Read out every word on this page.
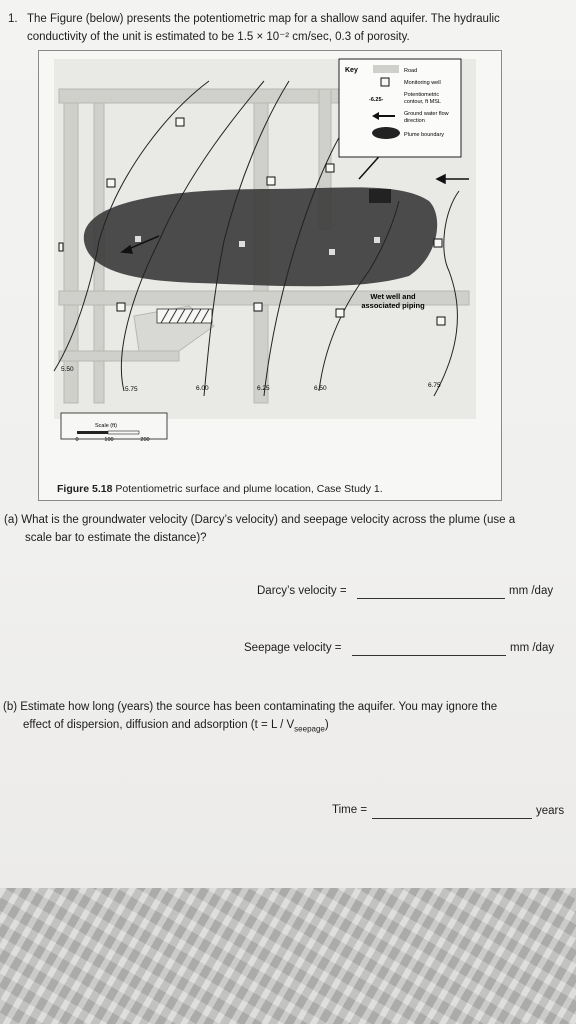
1. The Figure (below) presents the potentiometric map for a shallow sand aquifer. The hydraulic
conductivity of the unit is estimated to be 1.5 × 10⁻² cm/sec, 0.3 of porosity.
Wet well and
associated piping
Key	Road
Monitoring well
-6.25-
Potentiometric
contour, ft MSL
Ground water flow
direction
Plume boundary
5.50
5.75	6.00	6.25	6.50	6.75
Scale (ft)
0	100	200
Figure 5.18 Potentiometric surface and plume location, Case Study 1.
(a) What is the groundwater velocity (Darcy’s velocity) and seepage velocity across the plume (use a
scale bar to estimate the distance)?
Darcy’s velocity =	mm /day
Seepage velocity =	mm /day
(b) Estimate how long (years) the source has been contaminating the aquifer. You may ignore the
effect of dispersion, diffusion and adsorption $(t = L / V_{seepage})$
Time =	years
